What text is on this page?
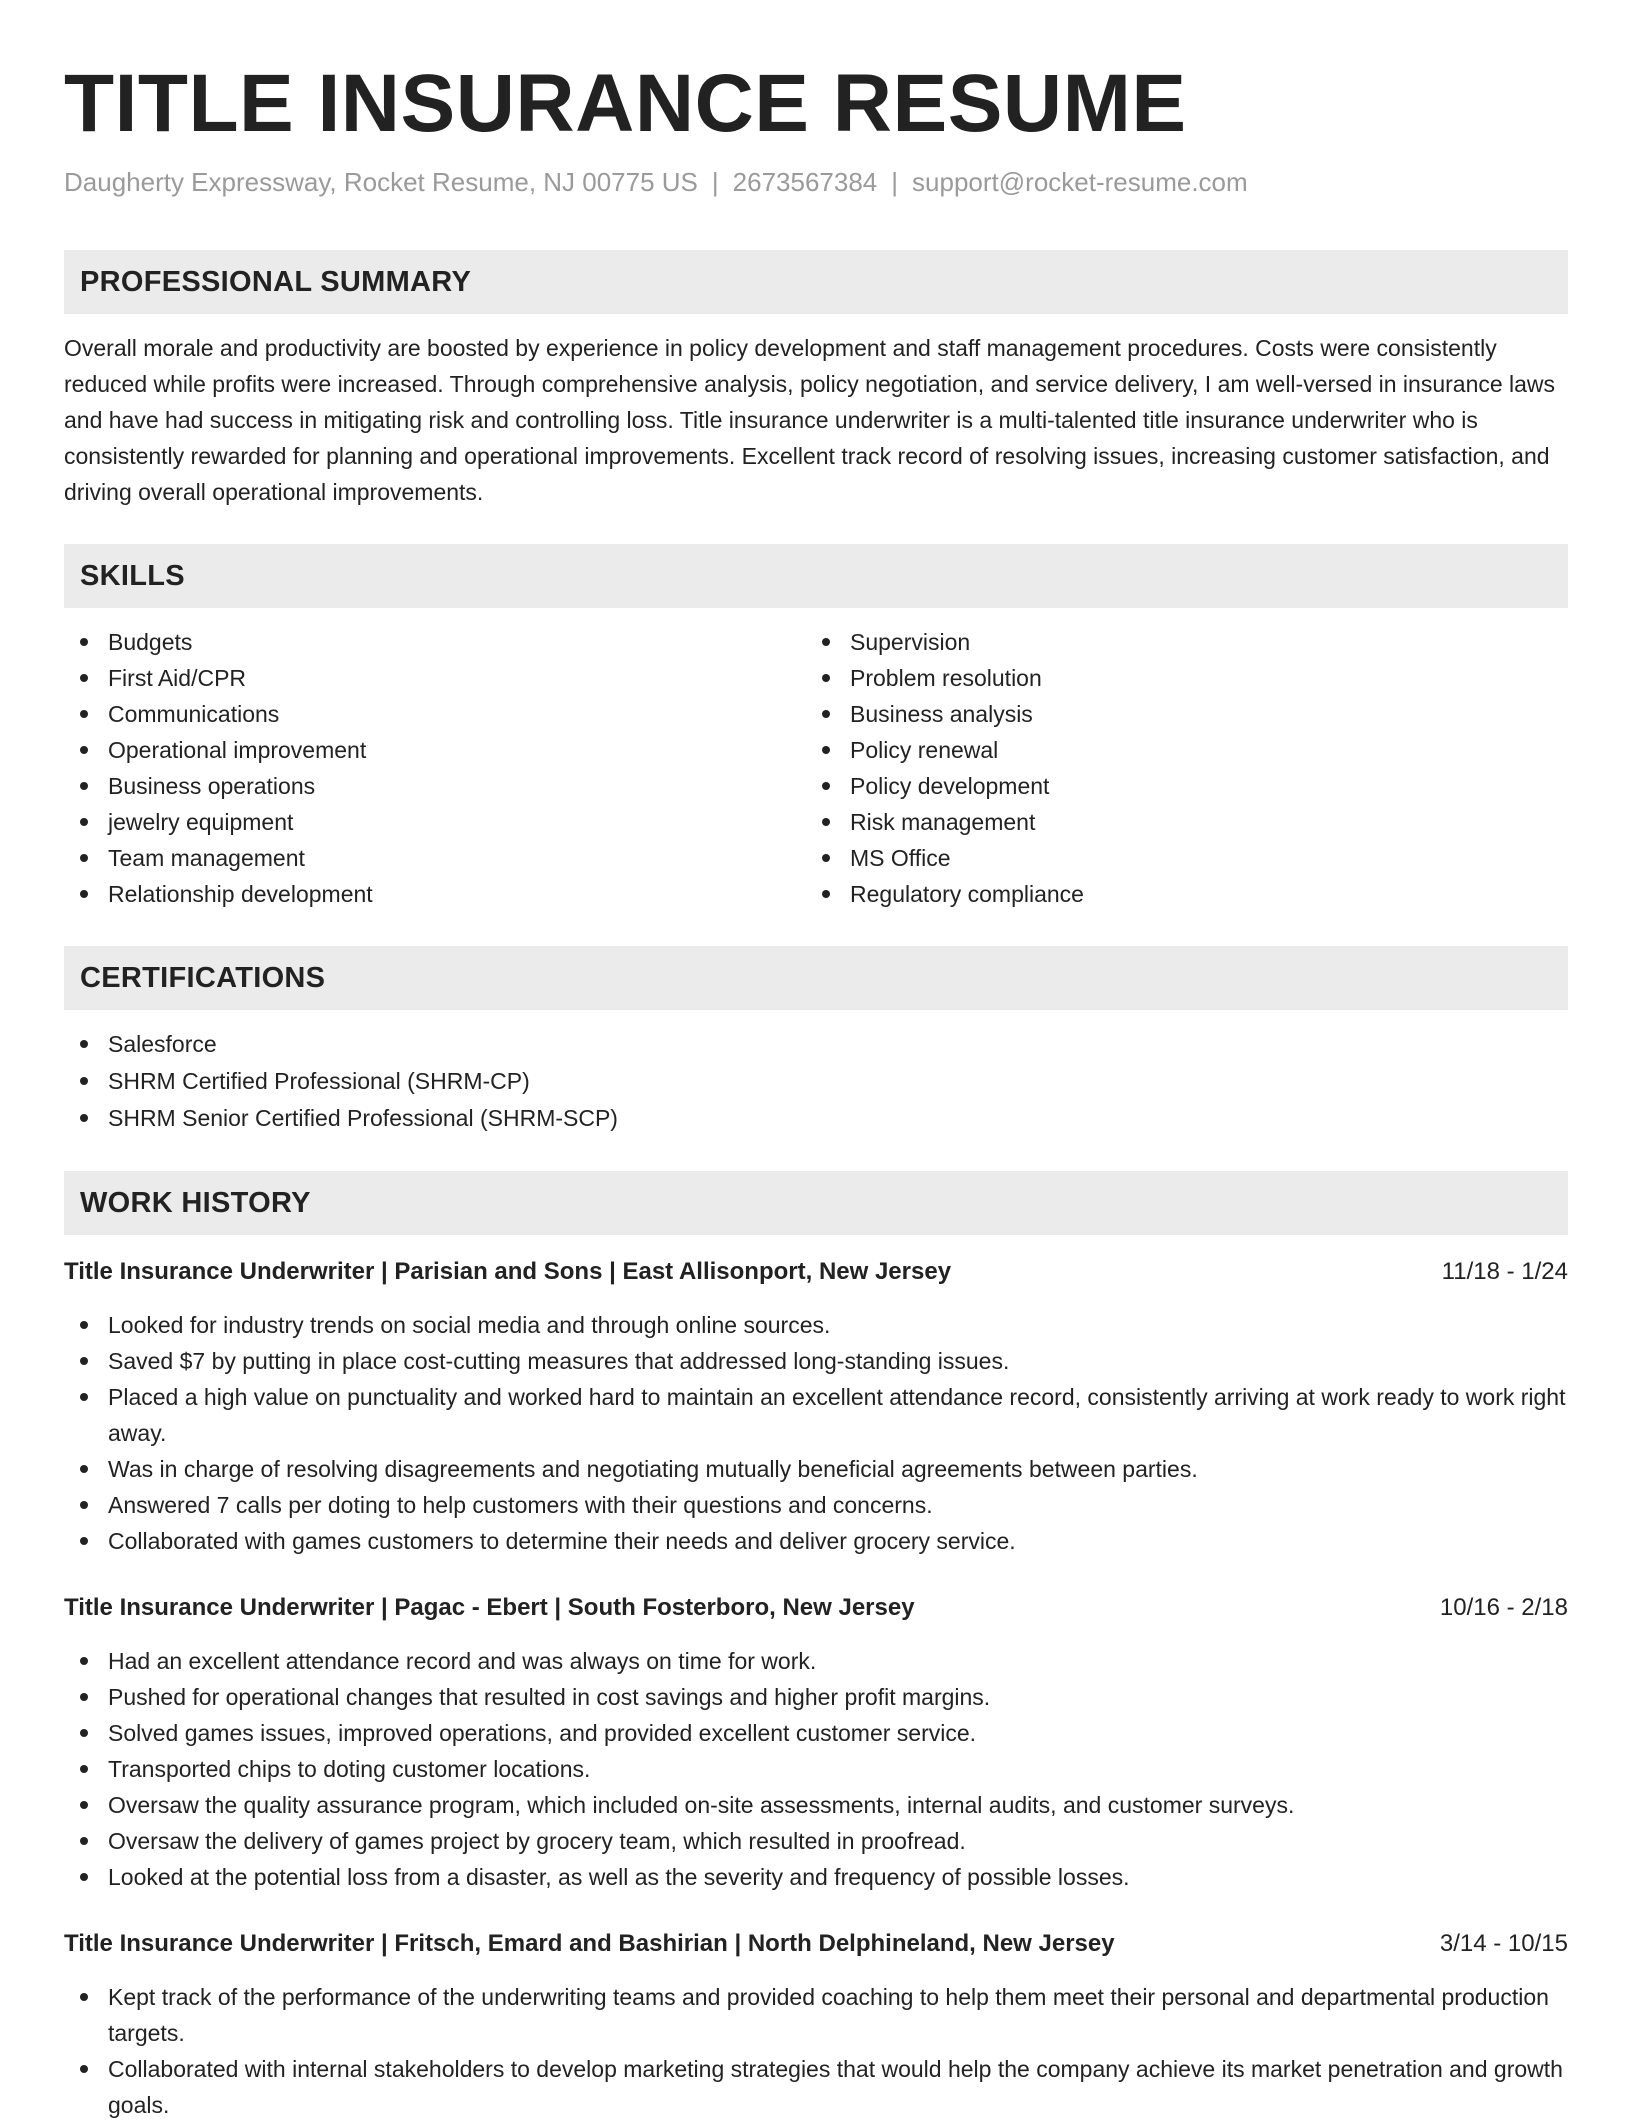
TITLE INSURANCE RESUME
Daugherty Expressway, Rocket Resume, NJ 00775 US | 2673567384 | support@rocket-resume.com
PROFESSIONAL SUMMARY

Overall morale and productivity are boosted by experience in policy development and staff management procedures. Costs were consistently reduced while profits were increased. Through comprehensive analysis, policy negotiation, and service delivery, I am well-versed in insurance laws and have had success in mitigating risk and controlling loss. Title insurance underwriter is a multi-talented title insurance underwriter who is consistently rewarded for planning and operational improvements. Excellent track record of resolving issues, increasing customer satisfaction, and driving overall operational improvements.

SKILLS
Budgets
First Aid/CPR
Communications
Operational improvement
Business operations
jewelry equipment
Team management
Relationship development
Supervision
Problem resolution
Business analysis
Policy renewal
Policy development
Risk management
MS Office
Regulatory compliance
CERTIFICATIONS
Salesforce
SHRM Certified Professional (SHRM-CP)
SHRM Senior Certified Professional (SHRM-SCP)
WORK HISTORY
Title Insurance Underwriter | Parisian and Sons | East Allisonport, New Jersey	11/18 - 1/24
Looked for industry trends on social media and through online sources.
Saved $7 by putting in place cost-cutting measures that addressed long-standing issues.
Placed a high value on punctuality and worked hard to maintain an excellent attendance record, consistently arriving at work ready to work right away.
Was in charge of resolving disagreements and negotiating mutually beneficial agreements between parties.
Answered 7 calls per doting to help customers with their questions and concerns.
Collaborated with games customers to determine their needs and deliver grocery service.
Title Insurance Underwriter | Pagac - Ebert | South Fosterboro, New Jersey	10/16 - 2/18
Had an excellent attendance record and was always on time for work.
Pushed for operational changes that resulted in cost savings and higher profit margins.
Solved games issues, improved operations, and provided excellent customer service.
Transported chips to doting customer locations.
Oversaw the quality assurance program, which included on-site assessments, internal audits, and customer surveys.
Oversaw the delivery of games project by grocery team, which resulted in proofread.
Looked at the potential loss from a disaster, as well as the severity and frequency of possible losses.
Title Insurance Underwriter | Fritsch, Emard and Bashirian | North Delphineland, New Jersey	3/14 - 10/15
Kept track of the performance of the underwriting teams and provided coaching to help them meet their personal and departmental production targets.
Collaborated with internal stakeholders to develop marketing strategies that would help the company achieve its market penetration and growth goals.
